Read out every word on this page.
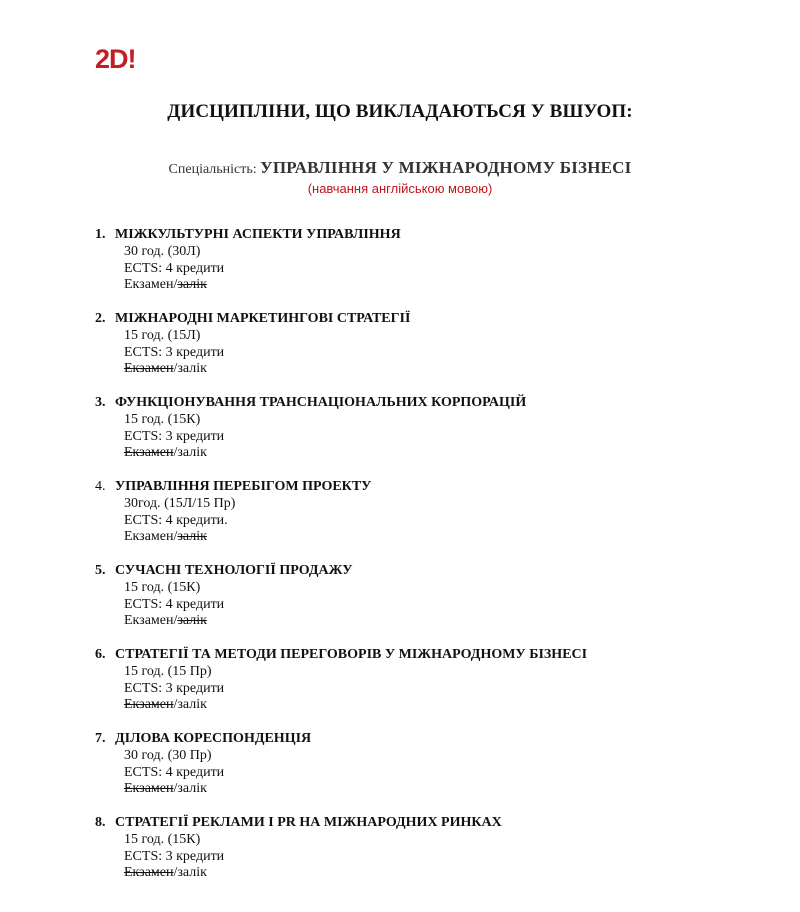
2D!
ДИСЦИПЛІНИ, ЩО ВИКЛАДАЮТЬСЯ У ВШУОП:
Спеціальність: УПРАВЛІННЯ У МІЖНАРОДНОМУ БІЗНЕСІ
(навчання англійською мовою)
1. МІЖКУЛЬТУРНІ АСПЕКТИ УПРАВЛІННЯ
30 год. (30Л)
ECTS: 4 кредити
Екзамен/залік
2. МІЖНАРОДНІ МАРКЕТИНГОВІ СТРАТЕГІЇ
15 год. (15Л)
ECTS: 3 кредити
Екзамен/залік
3. ФУНКЦІОНУВАННЯ ТРАНСНАЦІОНАЛЬНИХ КОРПОРАЦІЙ
15 год. (15К)
ECTS: 3 кредити
Екзамен/залік
4. УПРАВЛІННЯ ПЕРЕБІГОМ ПРОЕКТУ
30год. (15Л/15 Пр)
ECTS: 4 кредити.
Екзамен/залік
5. СУЧАСНІ ТЕХНОЛОГІЇ ПРОДАЖУ
15 год. (15К)
ECTS: 4 кредити
Екзамен/залік
6. СТРАТЕГІЇ ТА МЕТОДИ ПЕРЕГОВОРІВ У МІЖНАРОДНОМУ БІЗНЕСІ
15 год. (15 Пр)
ECTS: 3 кредити
Екзамен/залік
7. ДІЛОВА КОРЕСПОНДЕНЦІЯ
30 год. (30 Пр)
ECTS: 4 кредити
Екзамен/залік
8. СТРАТЕГІЇ РЕКЛАМИ І PR НА МІЖНАРОДНИХ РИНКАХ
15 год. (15К)
ECTS: 3 кредити
Екзамен/залік
